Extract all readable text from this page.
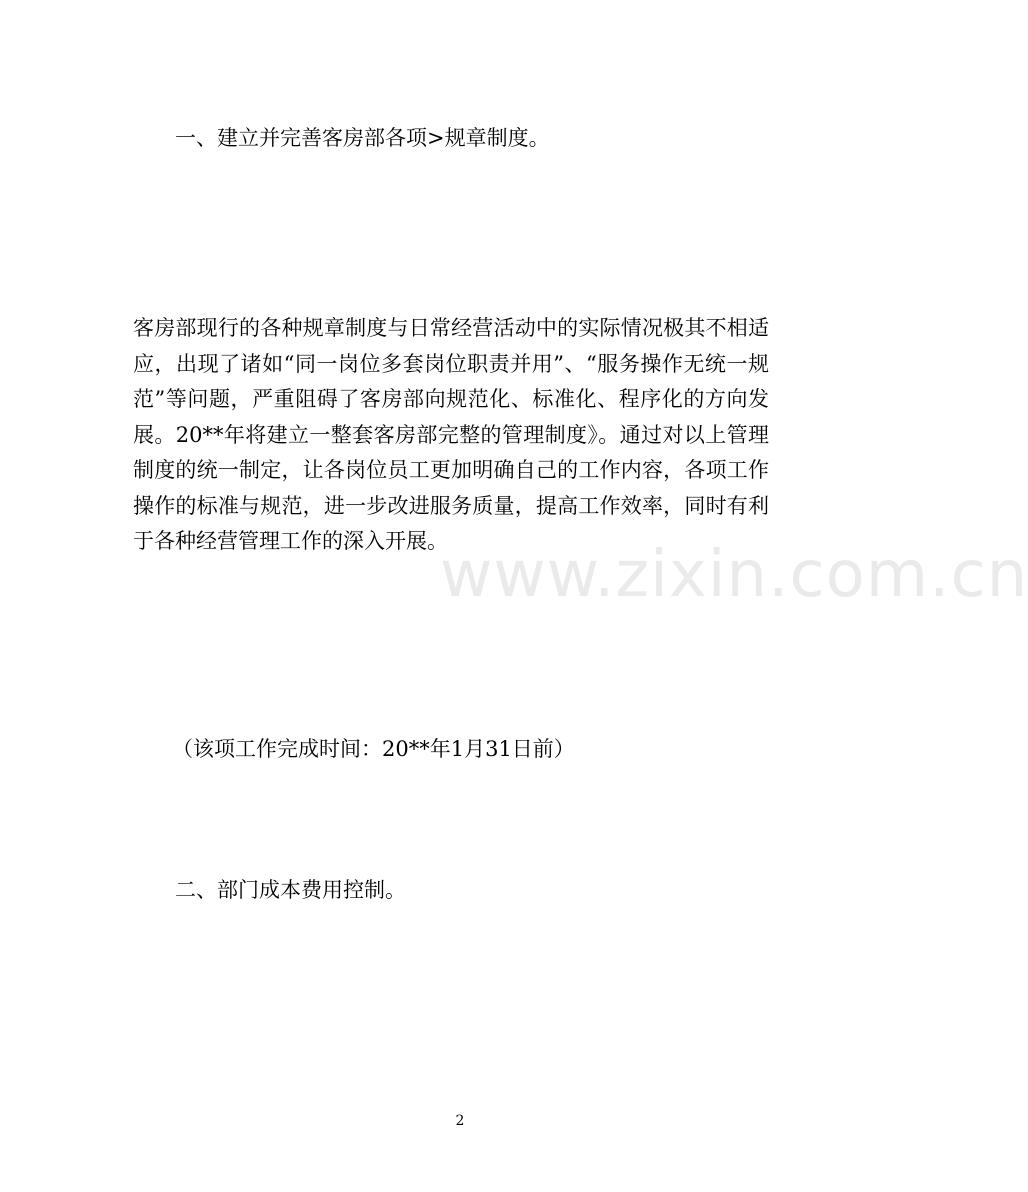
一、建立并完善客房部各项>规章制度。
客房部现行的各种规章制度与日常经营活动中的实际情况极其不相适应，出现了诸如“同一岗位多套岗位职责并用”、“服务操作无统一规范”等问题，严重阻碍了客房部向规范化、标准化、程序化的方向发展。20**年将建立一整套客房部完整的管理制度》。通过对以上管理制度的统一制定，让各岗位员工更加明确自己的工作内容，各项工作操作的标准与规范，进一步改进服务质量，提高工作效率，同时有利于各种经营管理工作的深入开展。
（该项工作完成时间：20**年1月31日前）
二、部门成本费用控制。
www.zixin.com.cn
2
